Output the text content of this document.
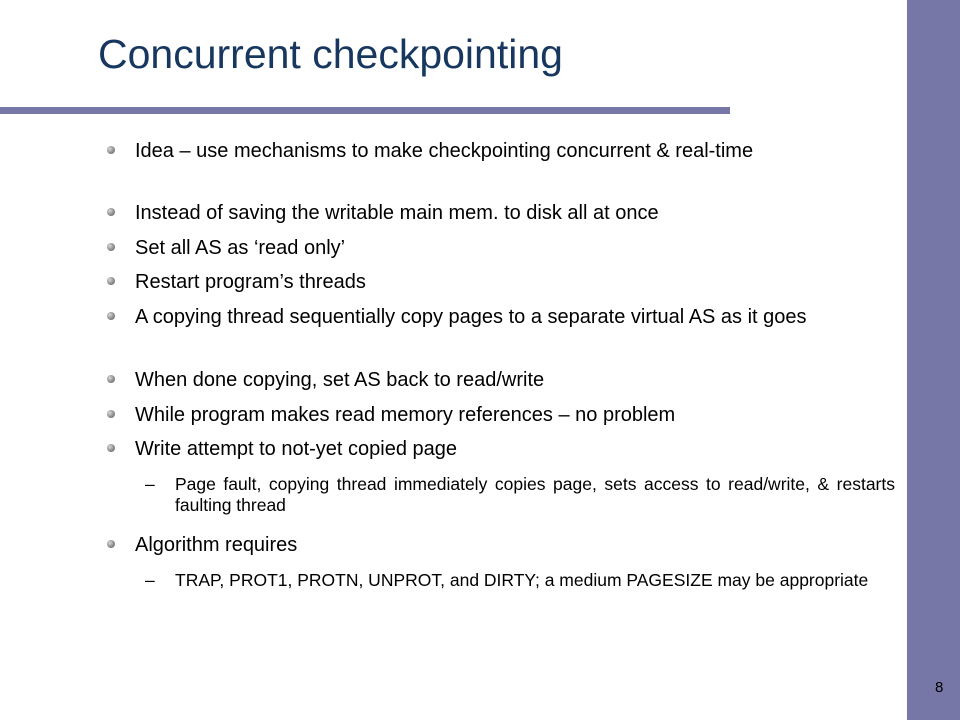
Concurrent checkpointing
Idea – use mechanisms to make checkpointing concurrent & real-time
Instead of saving the writable main mem. to disk all at once
Set all AS as ‘read only’
Restart program’s threads
A copying thread sequentially copy pages to a separate virtual AS as it goes
When done copying, set AS back to read/write
While program makes read memory references – no problem
Write attempt to not-yet copied page
– Page fault, copying thread immediately copies page, sets access to read/write, & restarts faulting thread
Algorithm requires
– TRAP, PROT1, PROTN, UNPROT, and DIRTY; a medium PAGESIZE may be appropriate
8
